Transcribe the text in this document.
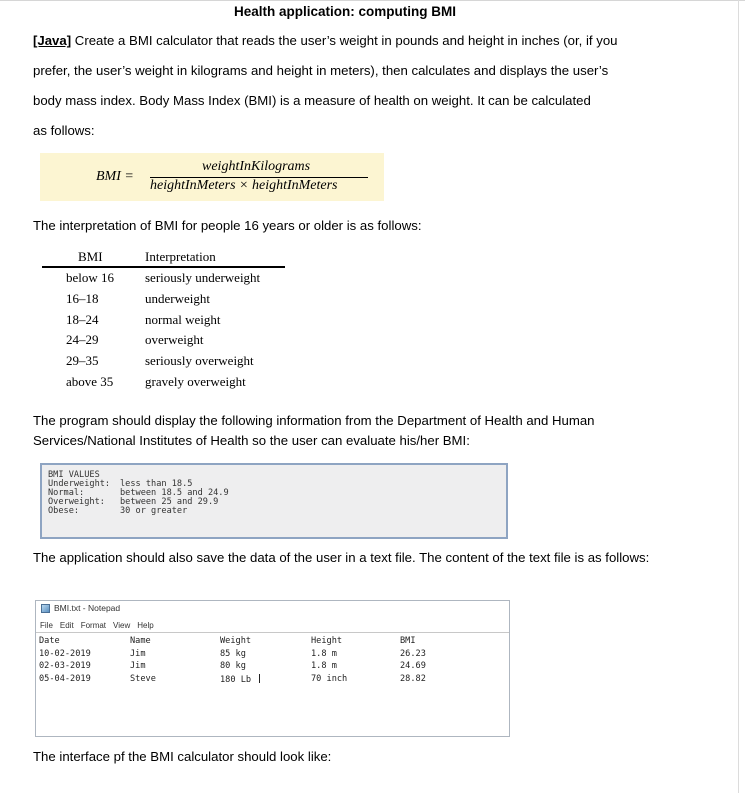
Health application: computing BMI
[Java] Create a BMI calculator that reads the user’s weight in pounds and height in inches (or, if you
prefer, the user’s weight in kilograms and height in meters), then calculates and displays the user’s
body mass index. Body Mass Index (BMI) is a measure of health on weight. It can be calculated
as follows:
BMI =
weightInKilograms
heightInMeters × heightInMeters
The interpretation of BMI for people 16 years or older is as follows:
BMI	Interpretation
below 16 seriously underweight
16–18	underweight
18–24	normal weight
24–29	overweight
29–35	seriously overweight
above 35 gravely overweight
The program should display the following information from the Department of Health and Human Services/National Institutes of Health so the user can evaluate his/her BMI:
BMI VALUES
Underweight: less than 18.5
Normal:	between 18.5 and 24.9
Overweight: between 25 and 29.9
Obese:	30 or greater
The application should also save the data of the user in a text file. The content of the text file is as follows:
BMI.txt - Notepad
File Edit Format View Help
Date	Name	Weight	Height	BMI
10-02-2019	Jim	85 kg	1.8 m	26.23
02-03-2019	Jim	80 kg	1.8 m	24.69
05-04-2019	Steve	180 Lb	70 inch	28.82
The interface pf the BMI calculator should look like:
